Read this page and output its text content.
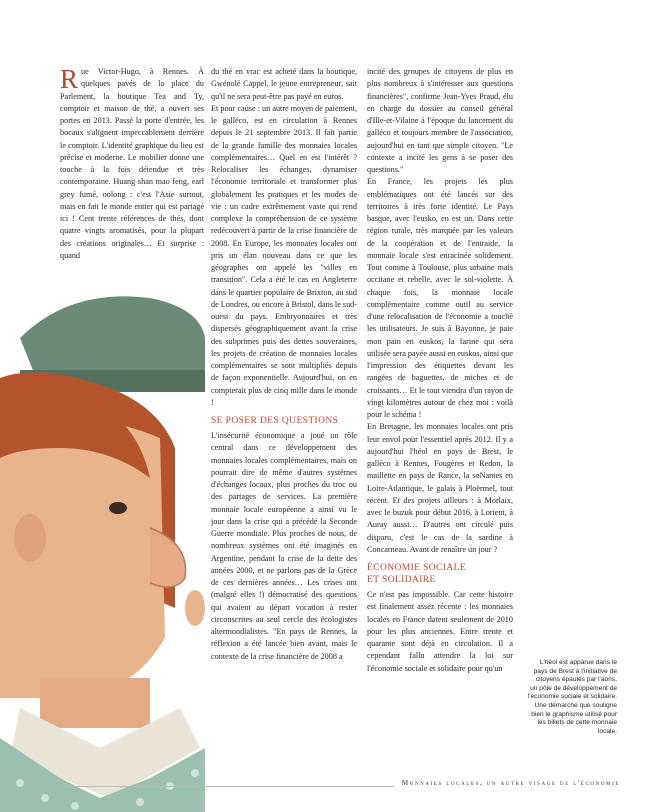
R ue Victor-Hugo, à Rennes. À quelques pavés de la place du Parlement, la boutique Tea and Ty, comptoir et maison de thé, a ouvert ses portes en 2013. Passé la porte d'entrée, les bocaux s'alignent impeccablement derrière le comptoir. L'identité graphique du lieu est précise et moderne. Le mobilier donne une touche à la fois détendue et très contemporaine. Huang shan mao feng, earl grey fumé, oolong : c'est l'Asie surtout, mais en fait le monde entier qui est partagé ici ! Cent trente références de thés, dont quatre vingts aromatisés, pour la plupart des créations originales… Et surprise : quand

du thé en vrac est acheté dans la boutique, Gwénolé Cappel, le jeune entrepreneur, sait qu'il ne sera peut-être pas payé en euros.

Et pour cause : un autre moyen de paiement, le galléco, est en circulation à Rennes depuis le 21 septembre 2013. Il fait partie de la grande famille des monnaies locales complémentaires… Quel en est l'intérêt ? Relocaliser les échanges, dynamiser l'économie territoriale et transformer plus globalement les pratiques et les modes de vie : un cadre extrêmement vaste qui rend complexe la compréhension de ce système redécouvert à partir de la crise financière de 2008. En Europe, les monnaies locales ont pris un élan nouveau dans ce que les géographes ont appelé les "villes en transition". Cela a été le cas en Angleterre dans le quartier populaire de Brixton, au sud de Londres, ou encore à Bristol, dans le sud-ouest du pays. Embryonnaires et très dispersés géographiquement avant la crise des subprimes puis des dettes souveraines, les projets de création de monnaies locales complémentaires se sont multipliés depuis de façon exponentielle. Aujourd'hui, on en compterait plus de cinq mille dans le monde !

SE POSER DES QUESTIONS

L'insécurité économique a joué un rôle central dans ce développement des monnaies locales complémentaires, mais on pourrait dire de même d'autres systèmes d'échanges locaux, plus proches du troc ou des partages de services. La première monnaie locale européenne a ainsi vu le jour dans la crise qui a précédé la Seconde Guerre mondiale. Plus proches de nous, de nombreux systèmes ont été imaginés en Argentine, pendant la crise de la dette des années 2000, et ne parlons pas de la Grèce de ces dernières années… Les crises ont (malgré elles !) démocratisé des questions qui avaient au départ vocation à rester circonscrites au seul cercle des écologistes altermondialistes. "En pays de Rennes, la réflexion a été lancée bien avant, mais le contexte de la crise financière de 2008 a

incité des groupes de citoyens de plus en plus nombreux à s'intéresser aux questions financières", confirme Jean-Yves Praud, élu en charge du dossier au conseil général d'Ille-et-Vilaine à l'époque du lancement du galléco et toujours membre de l'association, aujourd'hui en tant que simple citoyen. "Le contexte a incité les gens à se poser des questions."

En France, les projets les plus emblématiques ont été lancés sur des territoires à très forte identité. Le Pays basque, avec l'eusko, en est un. Dans cette région rurale, très marquée par les valeurs de la coopération et de l'entraide, la monnaie locale s'est enracinée solidement. Tout comme à Toulouse, plus urbaine mais occitane et rebelle, avec le sol-violette. À chaque fois, la monnaie locale complémentaire comme outil au service d'une relocalisation de l'économie a touché les utilisateurs. Je suis à Bayonne, je paie mon pain en euskos, la farine qui sera utilisée sera payée aussi en euskos, ainsi que l'impression des étiquettes devant les rangées de baguettes, de miches et de croissants… Et le tout viendra d'un rayon de vingt kilomètres autour de chez moi : voilà pour le schéma !

En Bretagne, les monnaies locales ont pris leur envol pour l'essentiel après 2012. Il y a aujourd'hui l'héol en pays de Brest, le galléco à Rennes, Fougères et Redon, la maillette en pays de Rance, la soNantes en Loire-Atlantique, le galais à Ploërmel, tout récent. Et des projets ailleurs : à Morlaix, avec le buzuk pour début 2016, à Lorient, à Auray aussi… D'autres ont circulé puis disparu, c'est le cas de la sardine à Concarneau. Avant de renaître un jour ?

ÉCONOMIE SOCIALE
ET SOLIDAIRE

Ce n'est pas impossible. Car cette histoire est finalement assez récente : les monnaies locales en France datent seulement de 2010 pour les plus anciennes. Entre trente et quarante sont déjà en circulation. Il a cependant fallu attendre la loi sur l'économie sociale et solidaire pour qu'un

L'héol est apparue dans le pays de Brest à l'initiative de citoyens épaulés par l'aoris, un pôle de développement de l'économie sociale et solidaire. Une démarche que souligne bien le graphisme utilisé pour les billets de cette monnaie locale.
Monnaies locales, un autre visage de l'économie
